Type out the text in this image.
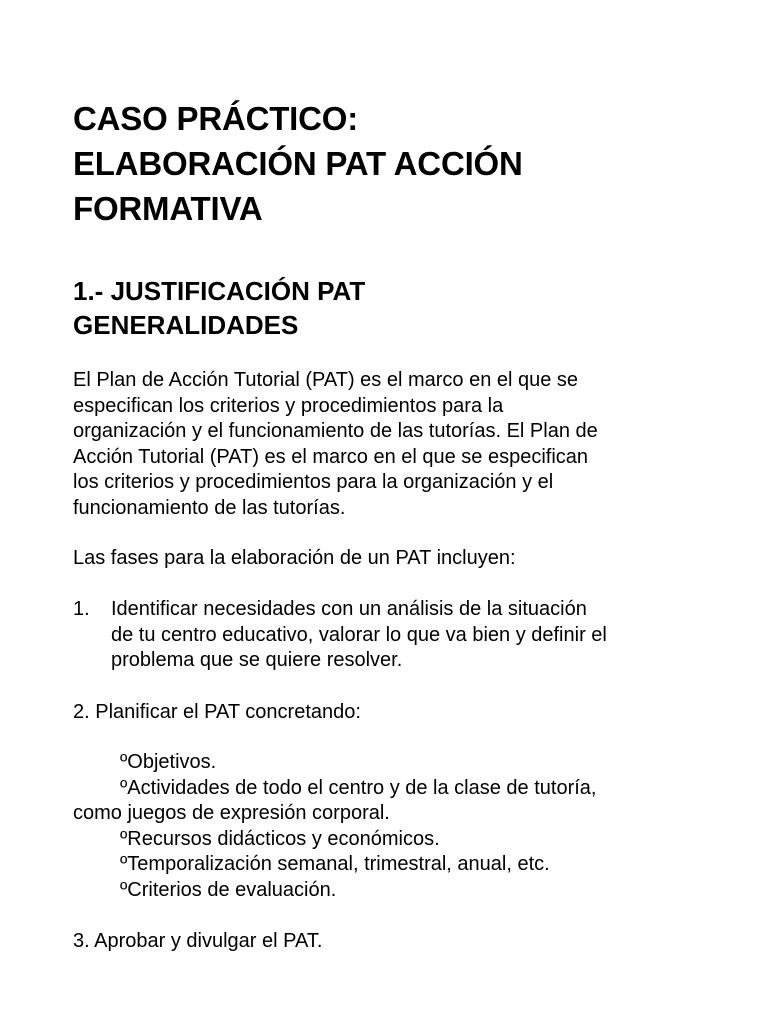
CASO PRÁCTICO:
ELABORACIÓN PAT ACCIÓN
FORMATIVA
1.- JUSTIFICACIÓN PAT
GENERALIDADES

El Plan de Acción Tutorial (PAT) es el marco en el que se
especifican los criterios y procedimientos para la
organización y el funcionamiento de las tutorías. El Plan de
Acción Tutorial (PAT) es el marco en el que se especifican
los criterios y procedimientos para la organización y el
funcionamiento de las tutorías.

Las fases para la elaboración de un PAT incluyen:

1. Identificar necesidades con un análisis de la situación
de tu centro educativo, valorar lo que va bien y definir el
problema que se quiere resolver.

2. Planificar el PAT concretando:

ºObjetivos.
ºActividades de todo el centro y de la clase de tutoría,
como juegos de expresión corporal.
ºRecursos didácticos y económicos.
ºTemporalización semanal, trimestral, anual, etc.
ºCriterios de evaluación.

3. Aprobar y divulgar el PAT.
